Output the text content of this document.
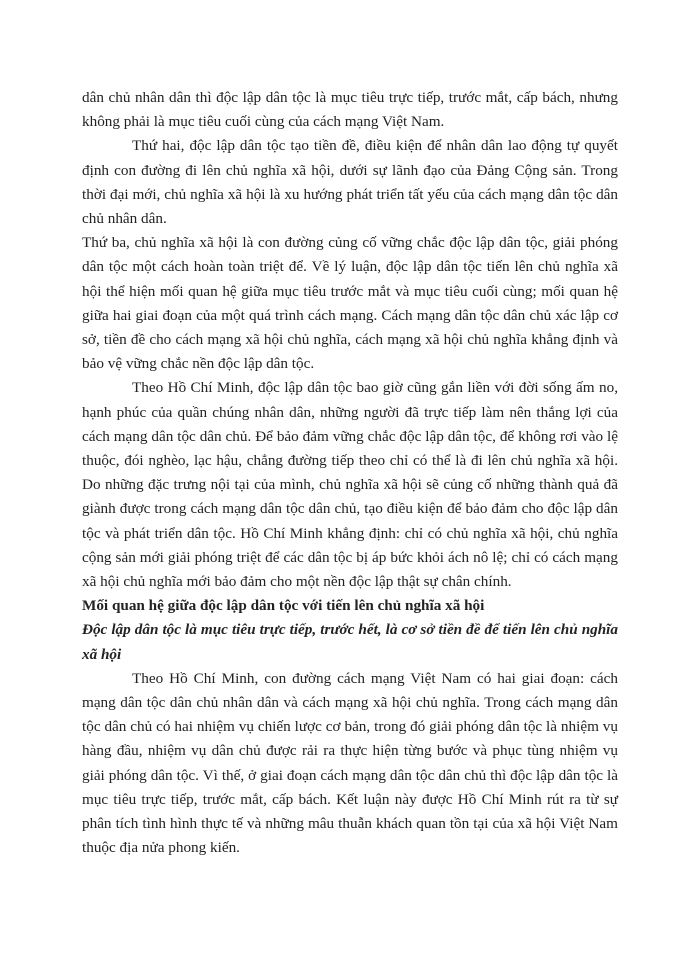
dân chủ nhân dân thì độc lập dân tộc là mục tiêu trực tiếp, trước mắt, cấp bách, nhưng không phải là mục tiêu cuối cùng của cách mạng Việt Nam.

Thứ hai, độc lập dân tộc tạo tiền đề, điều kiện để nhân dân lao động tự quyết định con đường đi lên chủ nghĩa xã hội, dưới sự lãnh đạo của Đảng Cộng sản. Trong thời đại mới, chủ nghĩa xã hội là xu hướng phát triển tất yếu của cách mạng dân tộc dân chủ nhân dân.

Thứ ba, chủ nghĩa xã hội là con đường củng cố vững chắc độc lập dân tộc, giải phóng dân tộc một cách hoàn toàn triệt để. Về lý luận, độc lập dân tộc tiến lên chủ nghĩa xã hội thể hiện mối quan hệ giữa mục tiêu trước mắt và mục tiêu cuối cùng; mối quan hệ giữa hai giai đoạn của một quá trình cách mạng. Cách mạng dân tộc dân chủ xác lập cơ sở, tiền đề cho cách mạng xã hội chủ nghĩa, cách mạng xã hội chủ nghĩa khẳng định và bảo vệ vững chắc nền độc lập dân tộc.

Theo Hồ Chí Minh, độc lập dân tộc bao giờ cũng gắn liền với đời sống ấm no, hạnh phúc của quần chúng nhân dân, những người đã trực tiếp làm nên thắng lợi của cách mạng dân tộc dân chủ. Để bảo đảm vững chắc độc lập dân tộc, để không rơi vào lệ thuộc, đói nghèo, lạc hậu, chẳng đường tiếp theo chỉ có thể là đi lên chủ nghĩa xã hội. Do những đặc trưng nội tại của mình, chủ nghĩa xã hội sẽ củng cố những thành quả đã giành được trong cách mạng dân tộc dân chủ, tạo điều kiện để bảo đảm cho độc lập dân tộc và phát triển dân tộc. Hồ Chí Minh khẳng định: chỉ có chủ nghĩa xã hội, chủ nghĩa cộng sản mới giải phóng triệt để các dân tộc bị áp bức khỏi ách nô lệ; chỉ có cách mạng xã hội chủ nghĩa mới bảo đảm cho một nền độc lập thật sự chân chính.

Mối quan hệ giữa độc lập dân tộc với tiến lên chủ nghĩa xã hội

Độc lập dân tộc là mục tiêu trực tiếp, trước hết, là cơ sở tiền đề để tiến lên chủ nghĩa xã hội

Theo Hồ Chí Minh, con đường cách mạng Việt Nam có hai giai đoạn: cách mạng dân tộc dân chủ nhân dân và cách mạng xã hội chủ nghĩa. Trong cách mạng dân tộc dân chủ có hai nhiệm vụ chiến lược cơ bản, trong đó giải phóng dân tộc là nhiệm vụ hàng đầu, nhiệm vụ dân chủ được rải ra thực hiện từng bước và phục tùng nhiệm vụ giải phóng dân tộc. Vì thế, ở giai đoạn cách mạng dân tộc dân chủ thì độc lập dân tộc là mục tiêu trực tiếp, trước mắt, cấp bách. Kết luận này được Hồ Chí Minh rút ra từ sự phân tích tình hình thực tế và những mâu thuẫn khách quan tồn tại của xã hội Việt Nam thuộc địa nửa phong kiến.
